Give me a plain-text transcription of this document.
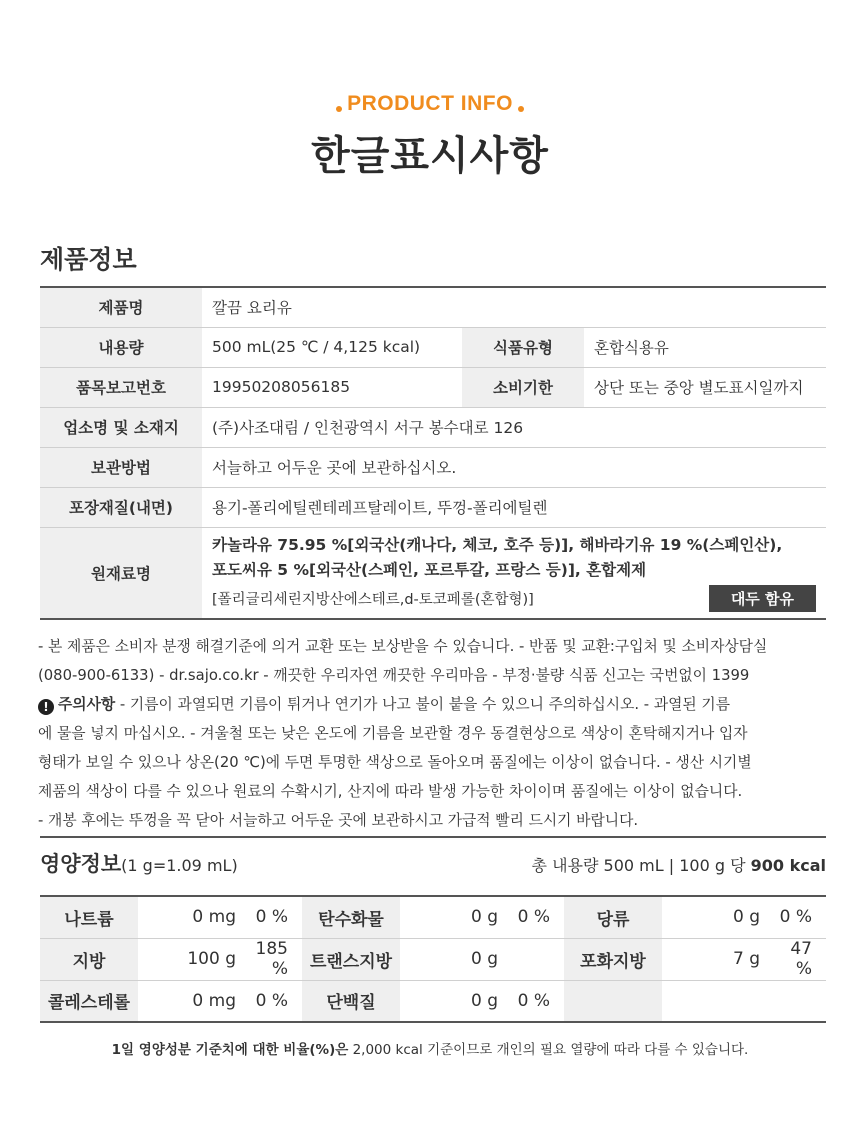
PRODUCT INFO
한글표시사항
제품정보
제품명	깔끔 요리유		
내용량	500 mL(25 ℃ / 4,125 kcal)	식품유형	혼합식용유
품목보고번호	19950208056185	소비기한	상단 또는 중앙 별도표시일까지
업소명 및 소재지	(주)사조대림 / 인천광역시 서구 봉수대로 126		
보관방법	서늘하고 어두운 곳에 보관하십시오.		
포장재질(내면)	용기-폴리에틸렌테레프탈레이트, 뚜껑-폴리에틸렌		
원재료명	카놀라유 75.95 %[외국산(캐나다, 체코, 호주 등)], 해바라기유 19 %(스페인산),
포도씨유 5 %[외국산(스페인, 포르투갈, 프랑스 등)], 혼합제제
[폴리글리세린지방산에스테르,d-토코페롤(혼합형)] 대두 함유		

- 본 제품은 소비자 분쟁 해결기준에 의거 교환 또는 보상받을 수 있습니다. - 반품 및 교환:구입처 및 소비자상담실

(080-900-6133) - dr.sajo.co.kr - 깨끗한 우리자연 깨끗한 우리마음 - 부정·불량 식품 신고는 국번없이 1399

! 주의사항 - 기름이 과열되면 기름이 튀거나 연기가 나고 불이 붙을 수 있으니 주의하십시오. - 과열된 기름

에 물을 넣지 마십시오. - 겨울철 또는 낮은 온도에 기름을 보관할 경우 동결현상으로 색상이 혼탁해지거나 입자

형태가 보일 수 있으나 상온(20 ℃)에 두면 투명한 색상으로 돌아오며 품질에는 이상이 없습니다. - 생산 시기별

제품의 색상이 다를 수 있으나 원료의 수확시기, 산지에 따라 발생 가능한 차이이며 품질에는 이상이 없습니다.

- 개봉 후에는 뚜껑을 꼭 닫아 서늘하고 어두운 곳에 보관하시고 가급적 빨리 드시기 바랍니다.

영양정보(1 g=1.09 mL)	총 내용량 500 mL | 100 g 당 900 kcal
나트륨	0 mg	0 %	탄수화물	0 g	0 %	당류	0 g	0 %
지방	100 g	185 %	트랜스지방	0 g		포화지방	7 g	47 %
콜레스테롤	0 mg	0 %	단백질	0 g	0 %			
1일 영양성분 기준치에 대한 비율(%)은 2,000 kcal 기준이므로 개인의 필요 열량에 따라 다를 수 있습니다.
